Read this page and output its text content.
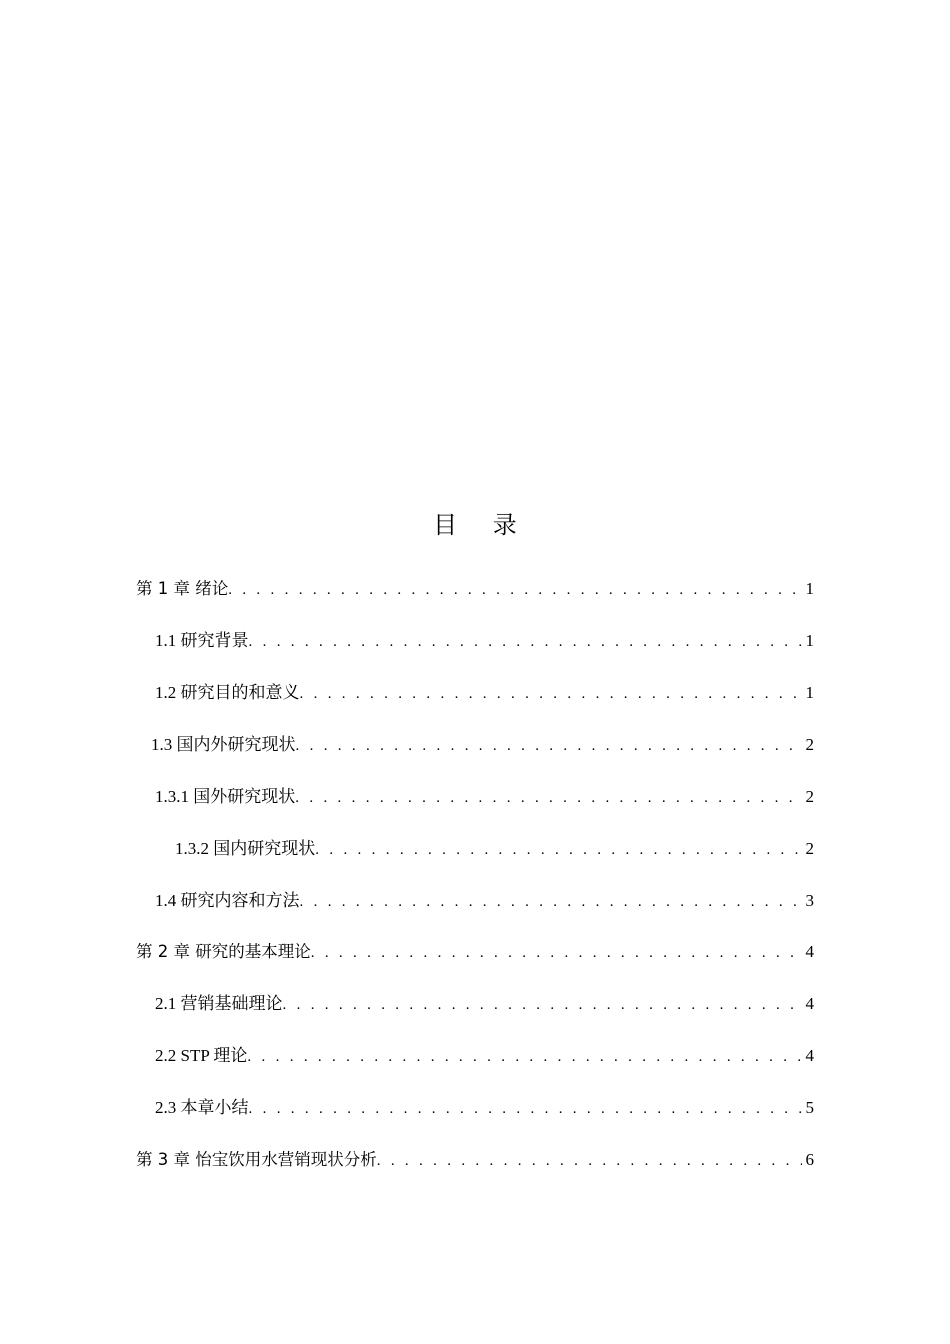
目 录
第 1 章 绪论 . . .	1
1.1 研究背景 . . .	1
1.2 研究目的和意义 . . .	1
1.3 国内外研究现状 . . .	2
1.3.1 国外研究现状 . . .	2
1.3.2 国内研究现状 . . .	2
1.4 研究内容和方法 . . .	3
第 2 章 研究的基本理论 . . .	4
2.1 营销基础理论 . . .	4
2.2 STP 理论 . . .	4
2.3 本章小结 . . .	5
第 3 章 怡宝饮用水营销现状分析 . . .	6
